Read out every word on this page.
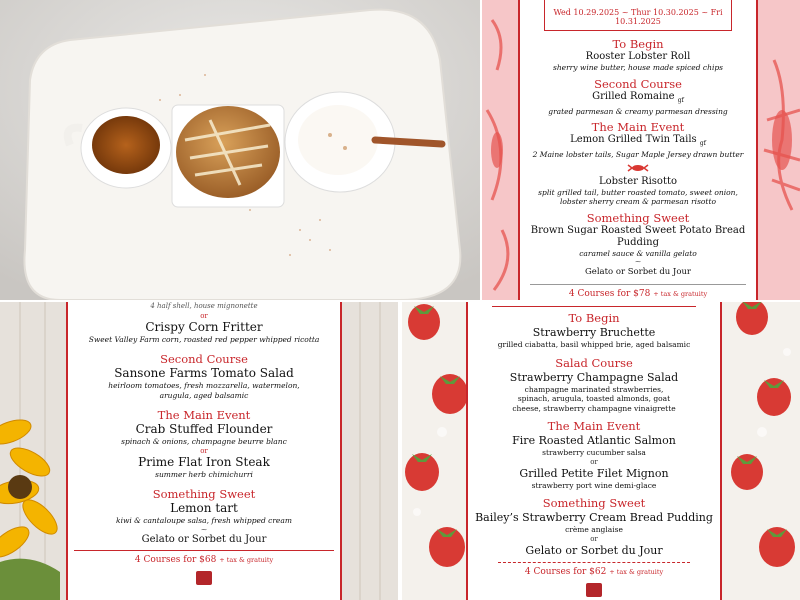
Wed 10.29.2025 ~ Thur 10.30.2025 ~ Fri 10.31.2025
To Begin
Rooster Lobster Roll
sherry wine butter, house made spiced chips
Second Course
Grilled Romaine $_{gf}$
grated parmesan & creamy parmesan dressing
The Main Event
Lemon Grilled Twin Tails $_{gf}$
2 Maine lobster tails, Sugar Maple Jersey drawn butter
Lobster Risotto
split grilled tail, butter roasted tomato, sweet onion, lobster sherry cream & parmesan risotto
Something Sweet
Brown Sugar Roasted Sweet Potato Bread Pudding
caramel sauce & vanilla gelato
~
Gelato or Sorbet du Jour
4 Courses for $78 + tax & gratuity
4 half shell, house mignonette
or
Crispy Corn Fritter
Sweet Valley Farm corn, roasted red pepper whipped ricotta
Second Course
Sansone Farms Tomato Salad
heirloom tomatoes, fresh mozzarella, watermelon, arugula, aged balsamic
The Main Event
Crab Stuffed Flounder
spinach & onions, champagne beurre blanc
or
Prime Flat Iron Steak
summer herb chimichurri
Something Sweet
Lemon tart
kiwi & cantaloupe salsa, fresh whipped cream
~
Gelato or Sorbet du Jour
4 Courses for $68 + tax & gratuity
To Begin
Strawberry Bruchette
grilled ciabatta, basil whipped brie, aged balsamic
Salad Course
Strawberry Champagne Salad
champagne marinated strawberries, spinach, arugula, toasted almonds, goat cheese, strawberry champagne vinaigrette
The Main Event
Fire Roasted Atlantic Salmon
strawberry cucumber salsa
or
Grilled Petite Filet Mignon
strawberry port wine demi-glace
Something Sweet
Bailey’s Strawberry Cream Bread Pudding
crème anglaise
or
Gelato or Sorbet du Jour
4 Courses for $62 + tax & gratuity
